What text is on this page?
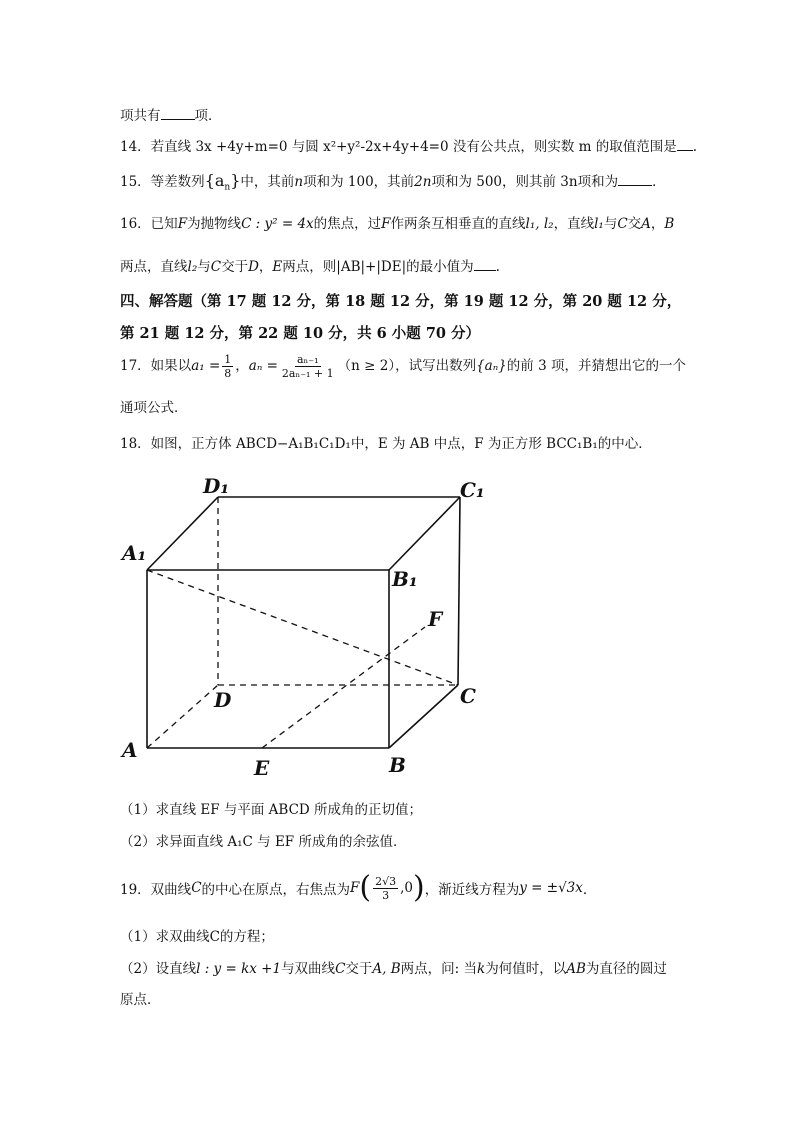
项共有	项．
14．若直线 3x +4y+m=0 与圆 x²+y²-2x+4y+4=0 没有公共点，则实数 m 的取值范围是 .
15．等差数列$\{a_n\}$中，其前n项和为 100，其前2n项和为 500，则其前 3n项和为	．
16．已知F为抛物线C : y² = 4x的焦点，过F作两条互相垂直的直线l₁, l₂，直线l₁与C交A，B
两点，直线l₂与C交于D，E两点，则|AB|+|DE|的最小值为 .
四、解答题（第 17 题 12 分，第 18 题 12 分，第 19 题 12 分，第 20 题 12 分，
第 21 题 12 分，第 22 题 10 分，共 6 小题 70 分）
17．如果以$a_1 = \frac{1}{8}$ ，$a_n = \frac{\text{aₙ₋₁}}{\text{2aₙ₋₁ + 1}} (n \ge 2)$，试写出数列{aₙ}的前 3 项，并猜想出它的一个
通项公式．
18．如图，正方体 ABCD−A₁B₁C₁D₁中，E 为 AB 中点，F 为正方形 BCC₁B₁的中心．
D₁	C₁
A₁
B₁
F
D	C
A
E	B
（1）求直线 EF 与平面 ABCD 所成角的正切值；
（2）求异面直线 A₁C 与 EF 所成角的余弦值．
19．双曲线 C 的中心在原点，右焦点为 F ( $\frac{2√3}{3} ,0$ ) ，渐近线方程为 y = ±√3x ．
（1）求双曲线C的方程；
（2）设直线l : y = kx +1与双曲线C交于A, B两点，问: 当k为何值时，以AB为直径的圆过
原点．
